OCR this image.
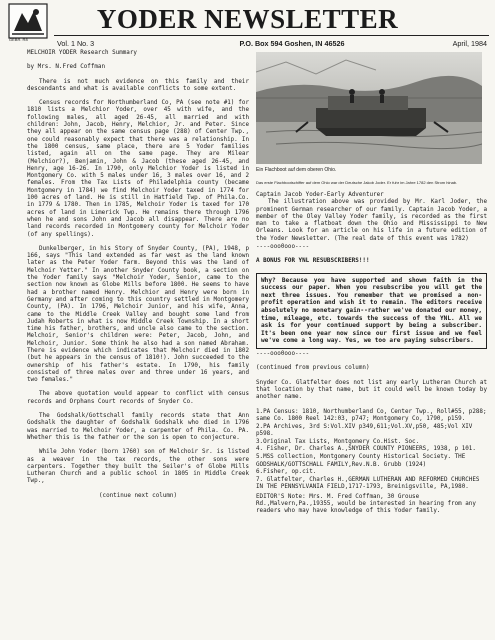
GEBR. R8
YODER NEWSLETTER
Vol. 1 No. 3	P.O. Box 594 Goshen, IN 46526	April, 1984

MELCHOIR YODER Research Summary

by Mrs. N.Fred Coffman

There is not much evidence on this family and their descendants and what is available conflicts to some extent.

Census records for Northumberland Co, PA (see note #1) for 1810 lists a Melchior Yoder, over 45 with wife, and the following males, all aged 26-45, all married and with children: John, Jacob, Henry, Melchior, Jr. and Peter. Since they all appear on the same census page (288) of Center Twp., one could reasonably expect that there was a relationship. In the 1800 census, same place, there are 5 Yoder families listed, again all on the same page. They are Milear (Melchior?), Benjamin, John & Jacob (these aged 26-45, and Henry, age 16-26. In 1790, only Melchior Yoder is listed in Montgomery Co. with 5 males under 16, 3 males over 16, and 2 females. From the Tax Lists of Philadelphia county (became Montgomery in 1784) we find Melchoir Yoder taxed in 1774 for 100 acres of land. He is still in Hatfield Twp. of Phila.Co. in 1779 & 1780. Then in 1785, Melchoir Yoder is taxed for 170 acres of land in Limerick Twp. He remains there through 1796 when he and sons John and Jacob all disappear. There are no land records recorded in Montgomery county for Melchoir Yoder (of any spellings).

Dunkelberger, in his Story of Snyder County, (PA), 1948, p 166, says "This land extended as far west as the land known later as the Peter Yoder farm. Beyond this was the land of Melchoir Yetter." In another Snyder County book, a section on the Yoder family says "Melchoir Yoder, Senior, came to the section now known as Globe Mills before 1800. He seems to have had a brother named Henry. Melchior and Henry were born in Germany and after coming to this country settled in Montgomery County, (PA). In 1796, Melchoir Junior, and his wife, Anna, came to the Middle Creek Valley and bought some land from Judah Roberts in what is now Middle Creek Township. In a short time his father, brothers, and uncle also came to the section. Melchoir, Senior's children were: Peter, Jacob, John, and Melchoir, Junior. Some think he also had a son named Abraham. There is evidence which indicates that Melchoir died in 1802 (but he appears in the census of 1810!). John succeeded to the ownership of his father's estate. In 1790, his family consisted of three males over and three under 16 years, and two females."

The above quotation would appear to conflict with census records and Orphans Court records of Snyder Co.

The Godshalk/Gottschall family records state that Ann Godshalk the daughter of Godshalk Godshalk who died in 1796 was married to Melchoir Yoder, a carpenter of Phila. Co. PA. Whether this is the father or the son is open to conjecture.

While John Yoder (born 1760) son of Melchoir Sr. is listed as a weaver in the tax records, the other sons were carpenters. Together they built the Seiler's of Globe Mills Lutheran Church and a public school in 1805 in Middle Creek Twp.,

(continue next column)

Ein Flachboot auf dem oberen Ohio.

Das erste Flachbootschiffer auf dem Ohio war der Deutsche Jakob Joder. Er fuhr im Jahre 1782 den Strom hinab.

Captain Jacob Yoder-Early Adventurer

The illustration above was provided by Mr. Karl Joder, the prominent German researcher of our family. Captain Jacob Yoder, a member of the Oley Valley Yoder family, is recorded as the first man to take a flatboat down the Ohio and Mississippi to New Orleans. Look for an article on his life in a future edition of the Yoder Newsletter. (The real date of this event was 1782)

----ooo0ooo----

A BONUS FOR YNL RESUBSCRIBERS!!!

Why? Because you have supported and shown faith in the success our paper. When you resubscribe you will get the next three issues. You remember that we promised a non-profit operation and wish it to remain. The editors receive absolutely no monetary gain--rather we've donated our money, time, mileage, etc. towards the success of the YNL. All we ask is for your continued support by being a subscriber. It's been one year now since our first issue and we feel we've come a long way. Yes, we too are paying subscribers.

----ooo0ooo----

(continued from previous column)

Snyder Co. Glatfelter does not list any early Lutheran Church at that location by that name, but it could well be known today by another name.

1.PA Census: 1810, Northumberland Co, Center Twp., Roll#55, p288; same Co. 1800 Reel 142:03, p747; Montgomery Co, 1790, p159.

2.PA Archives, 3rd S:Vol.XIV p349,611;Vol.XV,p50, 485;Vol XIV p598.

3.Original Tax Lists, Montgomery Co.Hist. Soc.

4. Fisher, Dr. Charles A.,SNYDER COUNTY PIONEERS, 1938, p 101.

5.MSS collection, Montgomery County Historical Society. THE GODSHALK/GOTTSCHALL FAMILY,Rev.N.B. Grubb (1924)

6.Fisher, op.cit.

7. Glatfelter, Charles H.,GERMAN LUTHERAN AND REFORMED CHURCHES IN THE PENNSYLVANIA FIELD,1717-1793, Breinigsville, PA,1980.

EDITOR'S Note: Mrs. M. Fred Coffman, 30 Grouse Rd.,Malvern,Pa.,19355, would be interested in hearing from any readers who may have knowledge of this Yoder family.
